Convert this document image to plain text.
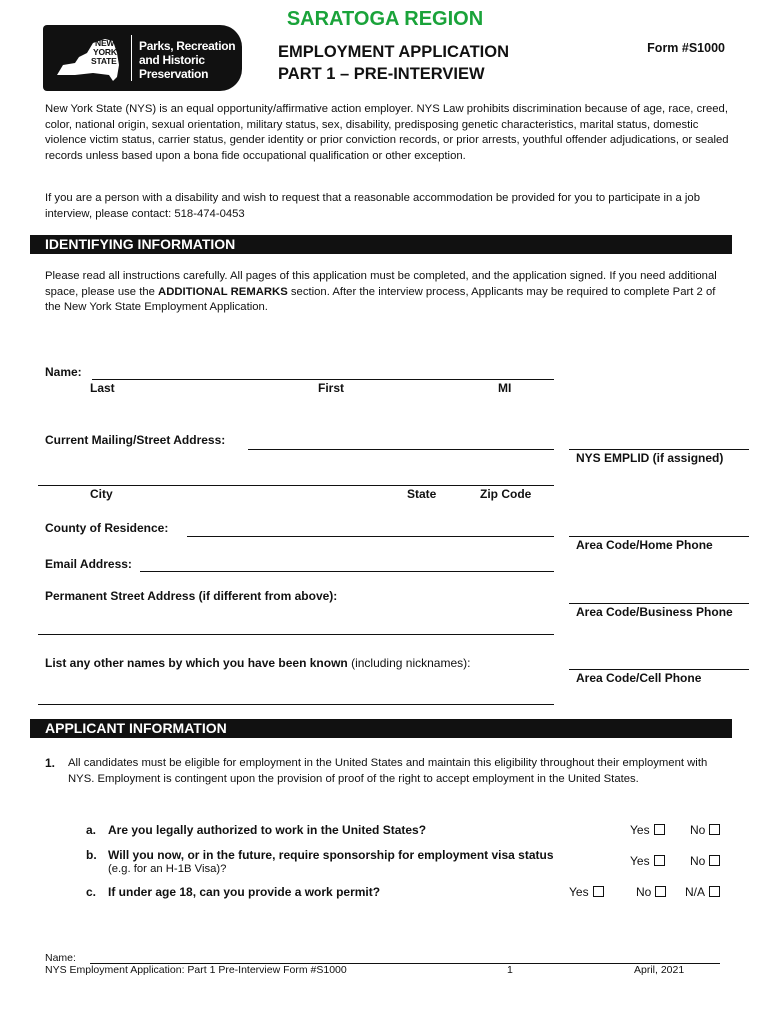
NEW
YORK
STATE
Parks, Recreation
and Historic
Preservation
SARATOGA REGION
EMPLOYMENT APPLICATION
PART 1 – PRE-INTERVIEW
Form #S1000
New York State (NYS) is an equal opportunity/affirmative action employer. NYS Law prohibits discrimination because of age, race, creed, color, national origin, sexual orientation, military status, sex, disability, predisposing genetic characteristics, marital status, domestic violence victim status, carrier status, gender identity or prior conviction records, or prior arrests, youthful offender adjudications, or sealed records unless based upon a bona fide occupational qualification or other exception.
If you are a person with a disability and wish to request that a reasonable accommodation be provided for you to participate in a job interview, please contact: 518-474-0453
IDENTIFYING INFORMATION
Please read all instructions carefully. All pages of this application must be completed, and the application signed. If you need additional space, please use the ADDITIONAL REMARKS section. After the interview process, Applicants may be required to complete Part 2 of the New York State Employment Application.
Name:
Last	First	MI
Current Mailing/Street Address:
NYS EMPLID (if assigned)
City	State	Zip Code
County of Residence:
Area Code/Home Phone
Email Address:
Permanent Street Address (if different from above):
Area Code/Business Phone
List any other names by which you have been known (including nicknames):
Area Code/Cell Phone
APPLICANT INFORMATION
1. All candidates must be eligible for employment in the United States and maintain this eligibility throughout their employment with NYS. Employment is contingent upon the provision of proof of the right to accept employment in the United States.
a. Are you legally authorized to work in the United States?	Yes	No
b. Will you now, or in the future, require sponsorship for employment visa status
(e.g. for an H-1B Visa)?
Yes	No
c. If under age 18, can you provide a work permit?	Yes	No	N/A
Name:
NYS Employment Application: Part 1 Pre-Interview Form #S1000	1	April, 2021
